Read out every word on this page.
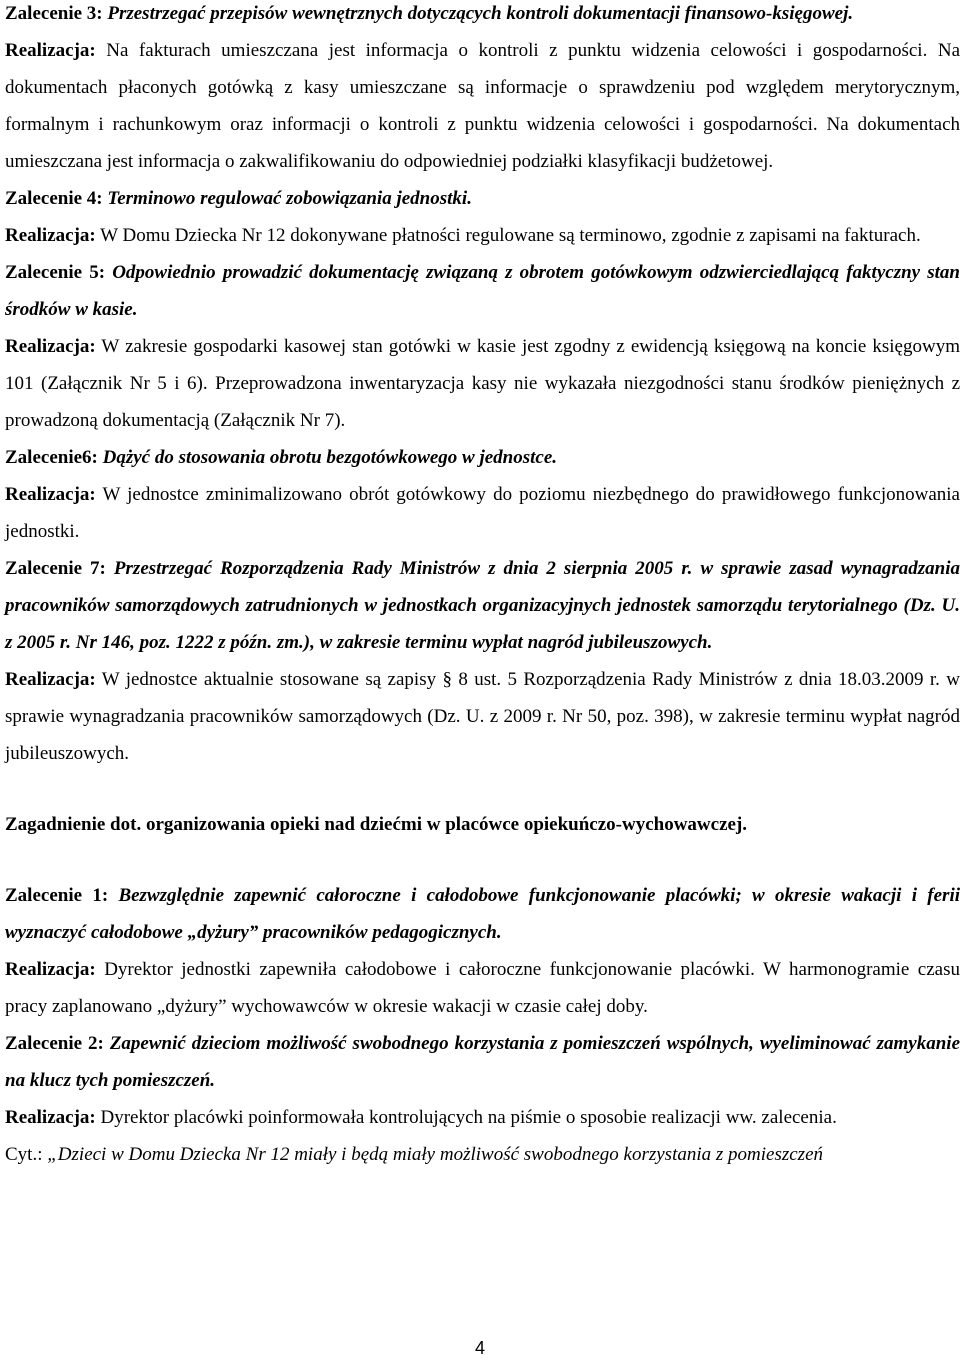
Zalecenie 3: Przestrzegać przepisów wewnętrznych dotyczących kontroli dokumentacji finansowo-księgowej.

Realizacja: Na fakturach umieszczana jest informacja o kontroli z punktu widzenia celowości i gospodarności. Na dokumentach płaconych gotówką z kasy umieszczane są informacje o sprawdzeniu pod względem merytorycznym, formalnym i rachunkowym oraz informacji o kontroli z punktu widzenia celowości i gospodarności. Na dokumentach umieszczana jest informacja o zakwalifikowaniu do odpowiedniej podziałki klasyfikacji budżetowej.

Zalecenie 4: Terminowo regulować zobowiązania jednostki.

Realizacja: W Domu Dziecka Nr 12 dokonywane płatności regulowane są terminowo, zgodnie z zapisami na fakturach.

Zalecenie 5: Odpowiednio prowadzić dokumentację związaną z obrotem gotówkowym odzwierciedlającą faktyczny stan środków w kasie.

Realizacja: W zakresie gospodarki kasowej stan gotówki w kasie jest zgodny z ewidencją księgową na koncie księgowym 101 (Załącznik Nr 5 i 6). Przeprowadzona inwentaryzacja kasy nie wykazała niezgodności stanu środków pieniężnych z prowadzoną dokumentacją (Załącznik Nr 7).

Zalecenie6: Dążyć do stosowania obrotu bezgotówkowego w jednostce.

Realizacja: W jednostce zminimalizowano obrót gotówkowy do poziomu niezbędnego do prawidłowego funkcjonowania jednostki.

Zalecenie 7: Przestrzegać Rozporządzenia Rady Ministrów z dnia 2 sierpnia 2005 r. w sprawie zasad wynagradzania pracowników samorządowych zatrudnionych w jednostkach organizacyjnych jednostek samorządu terytorialnego (Dz. U. z 2005 r. Nr 146, poz. 1222 z późn. zm.), w zakresie terminu wypłat nagród jubileuszowych.

Realizacja: W jednostce aktualnie stosowane są zapisy § 8 ust. 5 Rozporządzenia Rady Ministrów z dnia 18.03.2009 r. w sprawie wynagradzania pracowników samorządowych (Dz. U. z 2009 r. Nr 50, poz. 398), w zakresie terminu wypłat nagród jubileuszowych.

Zagadnienie dot. organizowania opieki nad dziećmi w placówce opiekuńczo-wychowawczej.

Zalecenie 1: Bezwzględnie zapewnić całoroczne i całodobowe funkcjonowanie placówki; w okresie wakacji i ferii wyznaczyć całodobowe „dyżury” pracowników pedagogicznych.

Realizacja: Dyrektor jednostki zapewniła całodobowe i całoroczne funkcjonowanie placówki. W harmonogramie czasu pracy zaplanowano „dyżury” wychowawców w okresie wakacji w czasie całej doby.

Zalecenie 2: Zapewnić dzieciom możliwość swobodnego korzystania z pomieszczeń wspólnych, wyeliminować zamykanie na klucz tych pomieszczeń.

Realizacja: Dyrektor placówki poinformowała kontrolujących na piśmie o sposobie realizacji ww. zalecenia.

Cyt.: „Dzieci w Domu Dziecka Nr 12 miały i będą miały możliwość swobodnego korzystania z pomieszczeń

4
